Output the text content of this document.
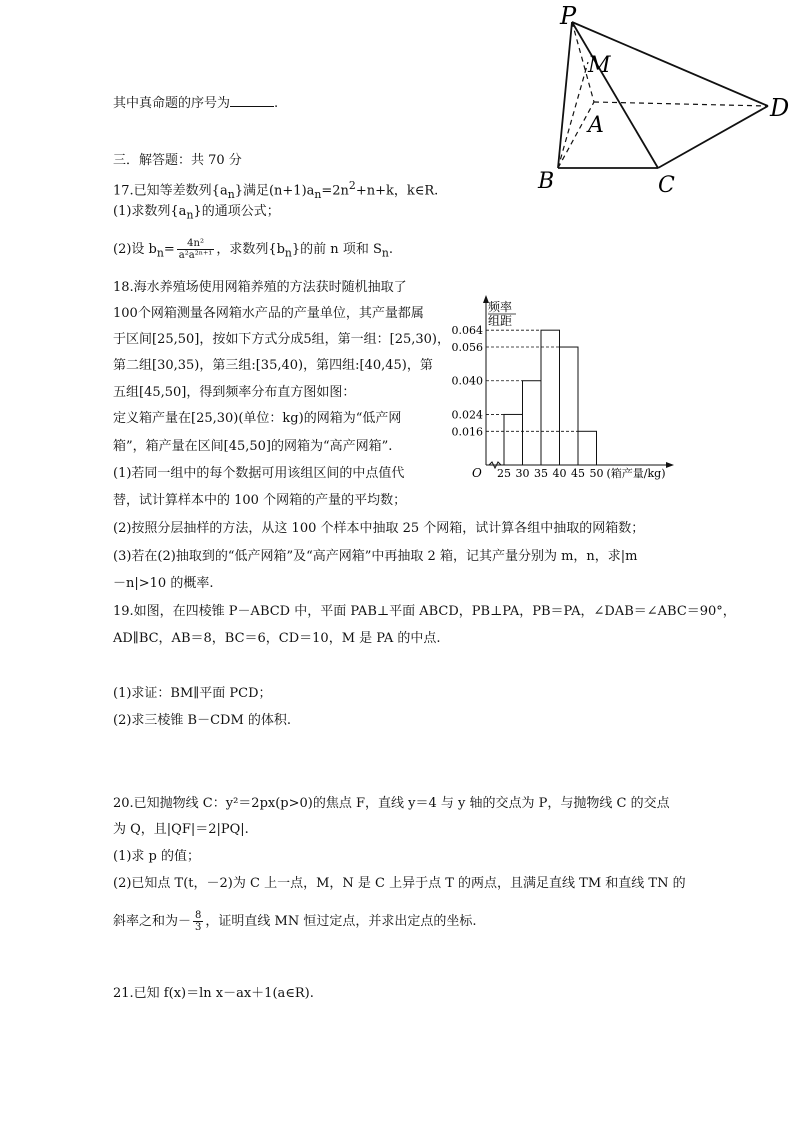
P
M
A
D
B	C
其中真命题的序号为	.
三．解答题：共 70 分
17.已知等差数列$\{a_n\}$满足$(n+1)a_n=2n^2+n+k$，k∈R.
(1)求数列$\{a_n\}$的通项公式；
(2)设 $b_n= \frac{\text{4n²}}{\text{a²a²ⁿ⁺¹}}$ ，求数列$\{b_n\}$的前 n 项和 $S_n$.
18.海水养殖场使用网箱养殖的方法获时随机抽取了
100个网箱测量各网箱水产品的产量单位，其产量都属
于区间[25,50]，按如下方式分成5组，第一组：[25,30)，
第二组[30,35)，第三组:[35,40)，第四组:[40,45)，第
五组[45,50]，得到频率分布直方图如图：
定义箱产量在[25,30)(单位：kg)的网箱为“低产网
箱”，箱产量在区间[45,50]的网箱为“高产网箱”.
(1)若同一组中的每个数据可用该组区间的中点值代
替，试计算样本中的 100 个网箱的产量的平均数；
(2)按照分层抽样的方法，从这 100 个样本中抽取 25 个网箱，试计算各组中抽取的网箱数；
(3)若在(2)抽取到的“低产网箱”及“高产网箱”中再抽取 2 箱，记其产量分别为 m，n，求|m
－n|>10 的概率.
频率
组距
0.064
0.056
0.040
0.024
0.016
25 30 35 40 45 50 (箱产量/kg)
O
19.如图，在四棱锥 P－ABCD 中，平面 PAB⊥平面 ABCD，PB⊥PA，PB＝PA，∠DAB＝∠ABC＝90°，
AD∥BC，AB＝8，BC＝6，CD＝10，M 是 PA 的中点.
(1)求证：BM∥平面 PCD；
(2)求三棱锥 B－CDM 的体积.
20.已知抛物线 C：y²＝2px(p>0)的焦点 F，直线 y＝4 与 y 轴的交点为 P，与抛物线 C 的交点
为 Q，且|QF|＝2|PQ|.
(1)求 p 的值；
(2)已知点 T(t，－2)为 C 上一点，M，N 是 C 上异于点 T 的两点，且满足直线 TM 和直线 TN 的
斜率之和为－ $\frac{8}{3}$ ，证明直线 MN 恒过定点，并求出定点的坐标.
21.已知 f(x)＝ln x－ax＋1(a∈R).
